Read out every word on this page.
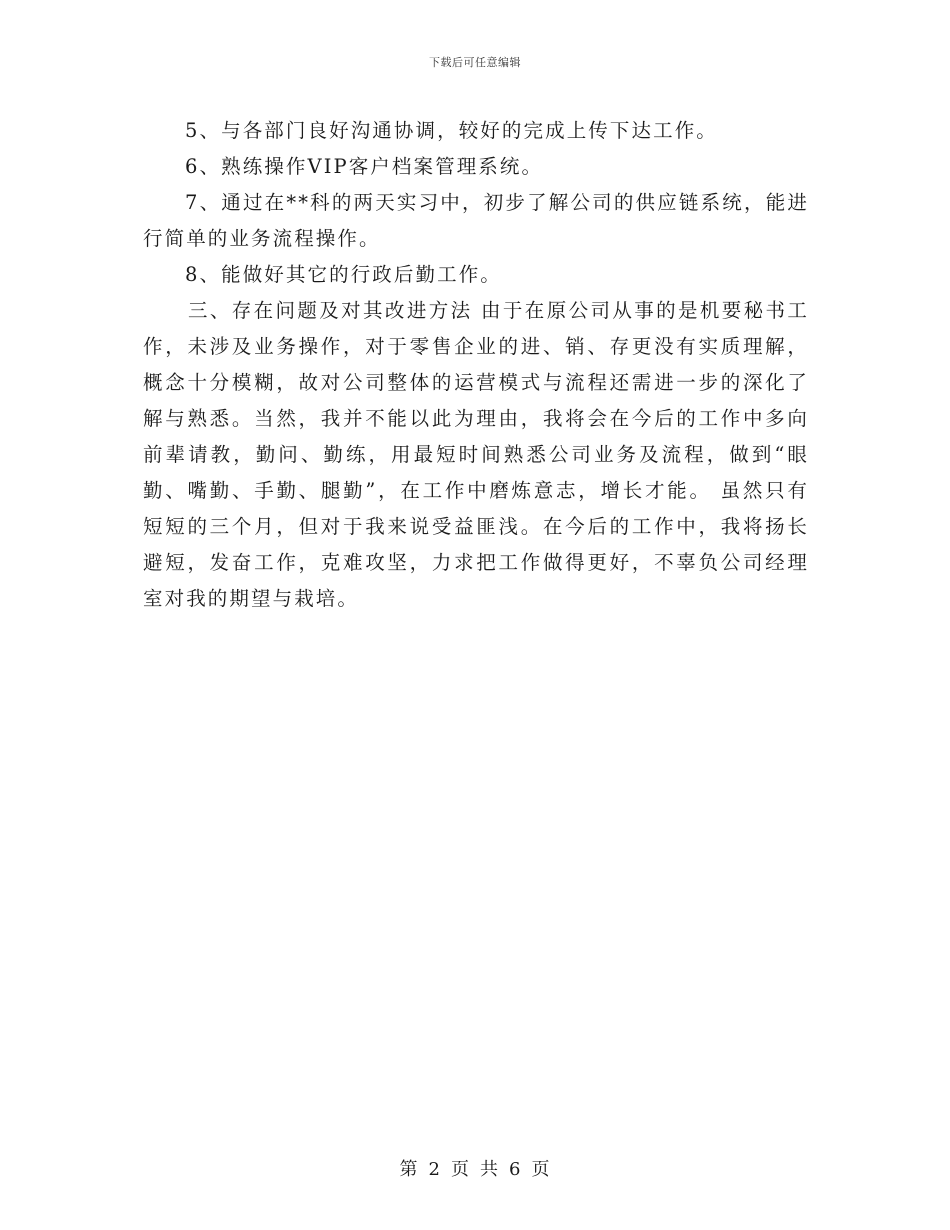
下载后可任意编辑

5、与各部门良好沟通协调，较好的完成上传下达工作。

6、熟练操作VIP客户档案管理系统。

7、通过在**科的两天实习中，初步了解公司的供应链系统，能进行简单的业务流程操作。

8、能做好其它的行政后勤工作。

三、存在问题及对其改进方法 由于在原公司从事的是机要秘书工作，未涉及业务操作，对于零售企业的进、销、存更没有实质理解，概念十分模糊，故对公司整体的运营模式与流程还需进一步的深化了解与熟悉。当然，我并不能以此为理由，我将会在今后的工作中多向前辈请教，勤问、勤练，用最短时间熟悉公司业务及流程，做到“眼勤、嘴勤、手勤、腿勤”，在工作中磨炼意志，增长才能。 虽然只有短短的三个月，但对于我来说受益匪浅。在今后的工作中，我将扬长避短，发奋工作，克难攻坚，力求把工作做得更好，不辜负公司经理室对我的期望与栽培。

第 2 页 共 6 页
